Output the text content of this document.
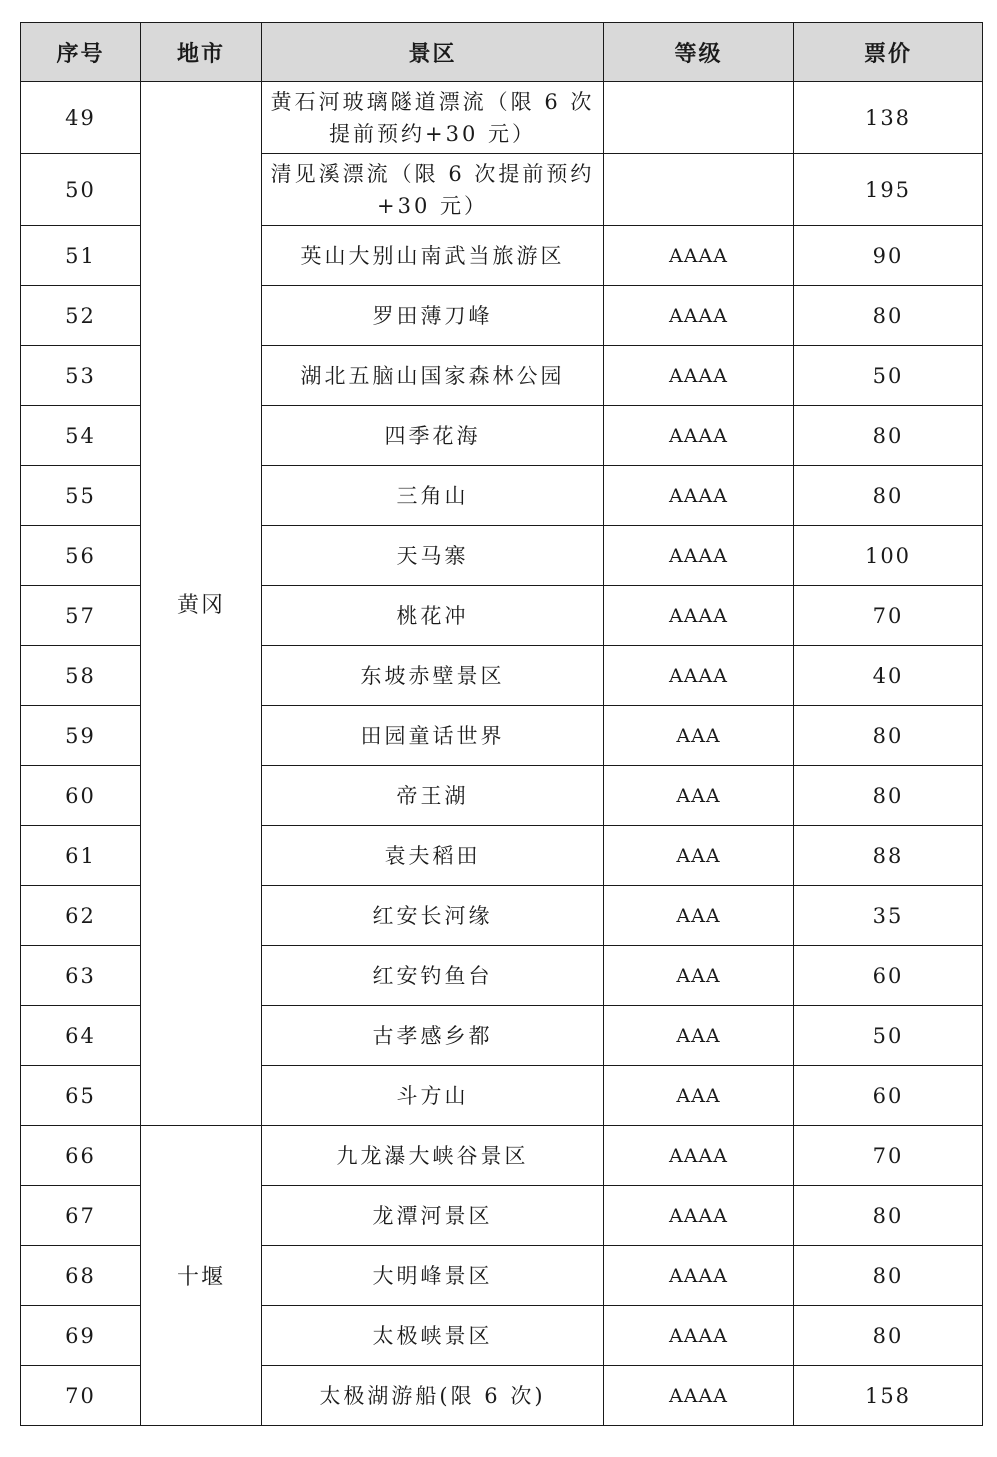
序号	地市	景区	等级	票价
49	黄冈	黄石河玻璃隧道漂流（限 6 次提前预约+30 元）		138
50		清见溪漂流（限 6 次提前预约+30 元）		195
51		英山大别山南武当旅游区	AAAA	90
52		罗田薄刀峰	AAAA	80
53		湖北五脑山国家森林公园	AAAA	50
54		四季花海	AAAA	80
55		三角山	AAAA	80
56		天马寨	AAAA	100
57		桃花冲	AAAA	70
58		东坡赤壁景区	AAAA	40
59		田园童话世界	AAA	80
60		帝王湖	AAA	80
61		袁夫稻田	AAA	88
62		红安长河缘	AAA	35
63		红安钓鱼台	AAA	60
64		古孝感乡都	AAA	50
65		斗方山	AAA	60
66	十堰	九龙瀑大峡谷景区	AAAA	70
67		龙潭河景区	AAAA	80
68		大明峰景区	AAAA	80
69		太极峡景区	AAAA	80
70		太极湖游船(限 6 次)	AAAA	158
